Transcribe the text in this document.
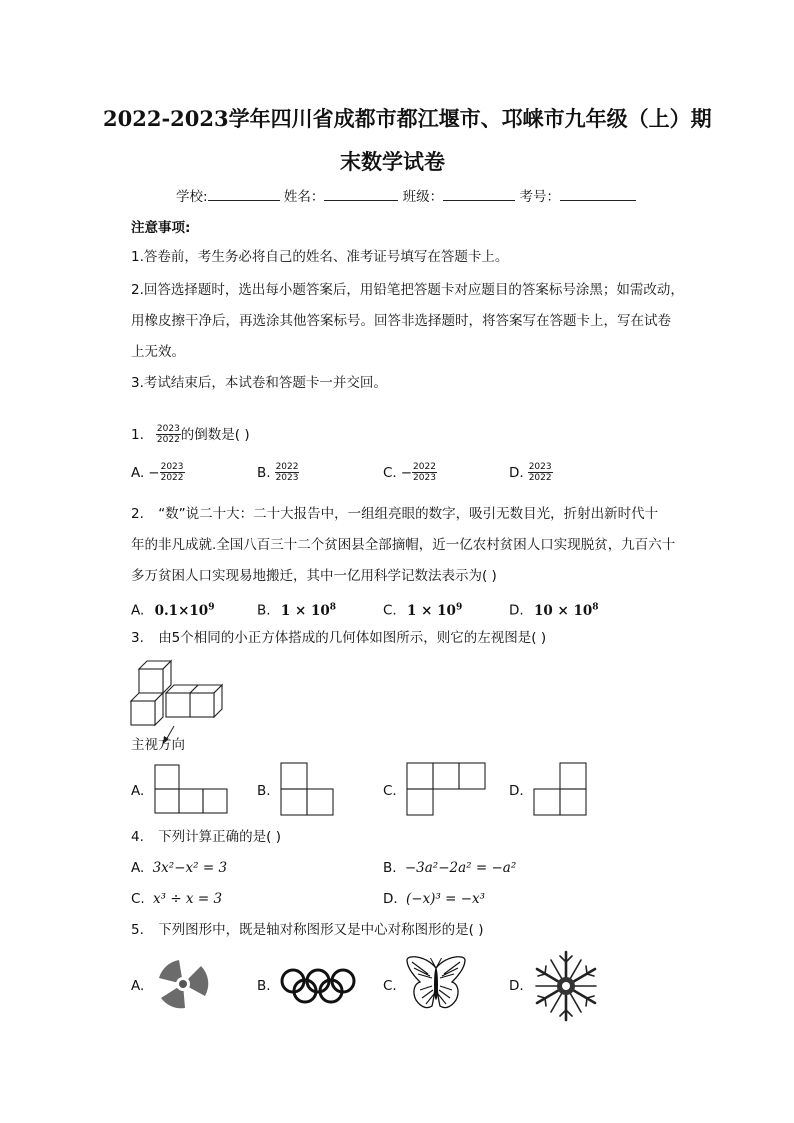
2022-2023学年四川省成都市都江堰市、邛崃市九年级（上）期
末数学试卷
学校:	姓名：	班级：	考号：
注意事项:
1.答卷前，考生务必将自己的姓名、准考证号填写在答题卡上。
2.回答选择题时，选出每小题答案后，用铅笔把答题卡对应题目的答案标号涂黑；如需改动，
用橡皮擦干净后，再选涂其他答案标号。回答非选择题时，将答案写在答题卡上，写在试卷
上无效。
3.考试结束后，本试卷和答题卡一并交回。
1. $\frac{2023}{2022}$ 的倒数是( )
A. − $\frac{2023}{2022}$	B. $\frac{2022}{2023}$	C. − $\frac{2022}{2023}$	D. $\frac{2023}{2022}$
2. “数”说二十大：二十大报告中，一组组亮眼的数字，吸引无数目光，折射出新时代十
年的非凡成就.全国八百三十二个贫困县全部摘帽，近一亿农村贫困人口实现脱贫，九百六十
多万贫困人口实现易地搬迁，其中一亿用科学记数法表示为( )
A. $0.1\times 10^9$	B. $1 \times 10^8$	C. $1 \times 10^9$	D. $10 \times 10^8$
3. 由5个相同的小正方体搭成的几何体如图所示，则它的左视图是( )
主视方向
A.	B.	C.	D.
4. 下列计算正确的是( )
A. 3x²−x² = 3	B. −3a²−2a² = −a²
C. x³ ÷ x = 3	D. (−x)³ = −x³
5. 下列图形中，既是轴对称图形又是中心对称图形的是( )
A.	B.	C.	D.
